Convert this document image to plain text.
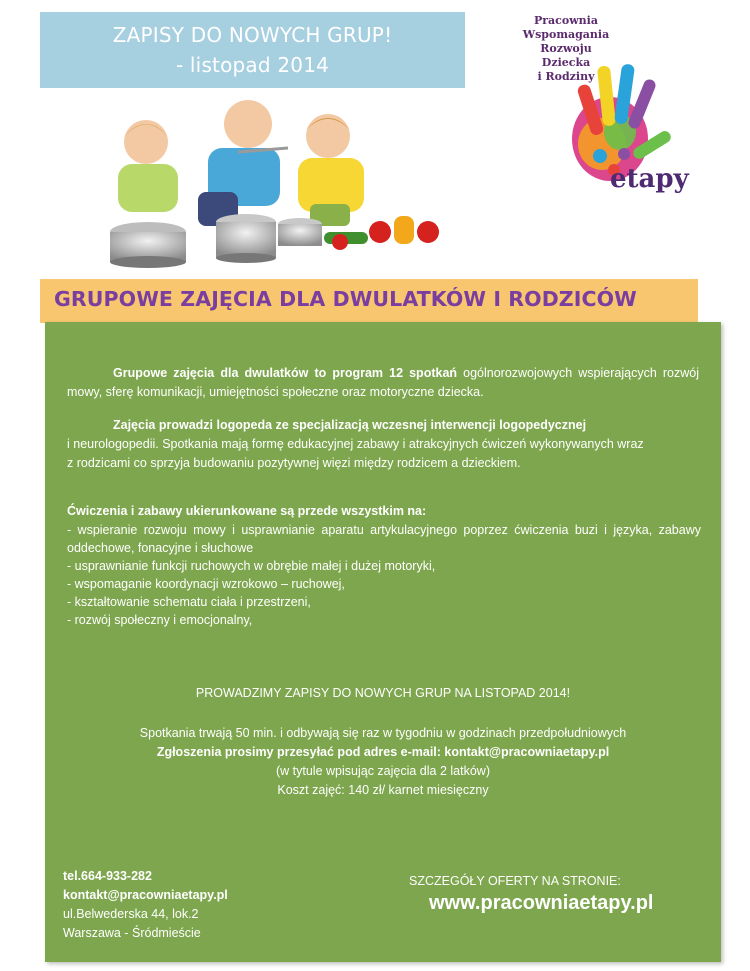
ZAPISY DO NOWYCH GRUP!
- listopad 2014
Pracownia
Wspomagania
Rozwoju
Dziecka
i Rodziny
etapy
GRUPOWE ZAJĘCIA DLA DWULATKÓW I RODZICÓW
Grupowe zajęcia dla dwulatków to program 12 spotkań ogólnorozwojowych wspierających rozwój mowy, sferę komunikacji, umiejętności społeczne oraz motoryczne dziecka.
Zajęcia prowadzi logopeda ze specjalizacją wczesnej interwencji logopedycznej
i neurologopedii. Spotkania mają formę edukacyjnej zabawy i atrakcyjnych ćwiczeń wykonywanych wraz
z rodzicami co sprzyja budowaniu pozytywnej więzi między rodzicem a dzieckiem.
Ćwiczenia i zabawy ukierunkowane są przede wszystkim na:
- wspieranie rozwoju mowy i usprawnianie aparatu artykulacyjnego poprzez ćwiczenia buzi i języka, zabawy oddechowe, fonacyjne i słuchowe
- usprawnianie funkcji ruchowych w obrębie małej i dużej motoryki,
- wspomaganie koordynacji wzrokowo – ruchowej,
- kształtowanie schematu ciała i przestrzeni,
- rozwój społeczny i emocjonalny,
PROWADZIMY ZAPISY DO NOWYCH GRUP NA LISTOPAD 2014!
Spotkania trwają 50 min. i odbywają się raz w tygodniu w godzinach przedpołudniowych
Zgłoszenia prosimy przesyłać pod adres e-mail: kontakt@pracowniaetapy.pl
(w tytule wpisując zajęcia dla 2 latków)
Koszt zajęć: 140 zł/ karnet miesięczny
tel.664-933-282
kontakt@pracowniaetapy.pl
ul.Belwederska 44, lok.2
Warszawa - Śródmieście
SZCZEGÓŁY OFERTY NA STRONIE:
www.pracowniaetapy.pl
